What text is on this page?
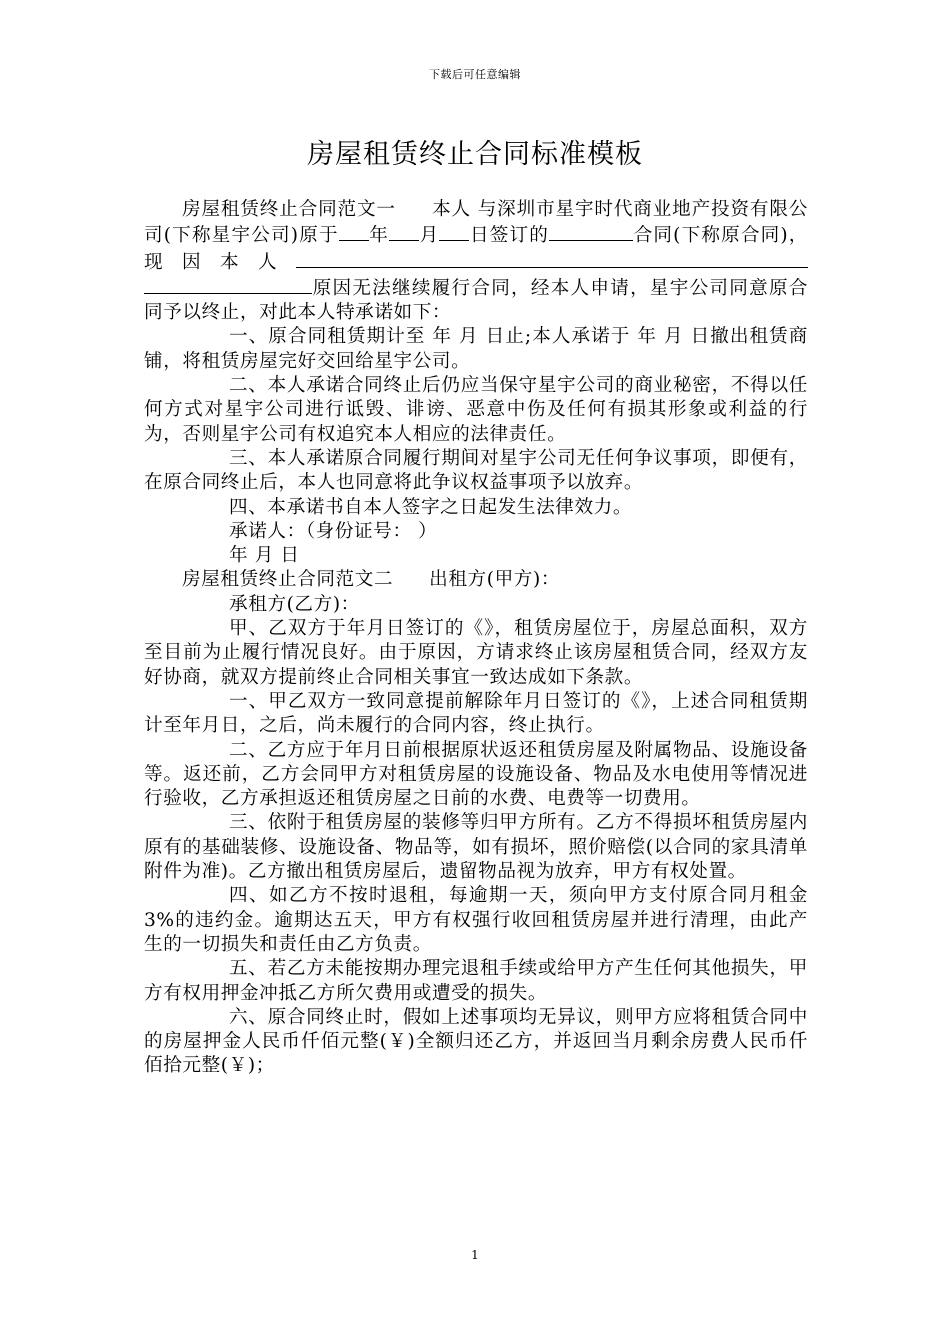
下载后可任意编辑
房屋租赁终止合同标准模板

房屋租赁终止合同范文一 本人 与深圳市星宇时代商业地产投资有限公司(下称星宇公司)原于 年 月 日签订的	合同(下称原合同)，现因本人原因无法继续履行合同，经本人申请，星宇公司同意原合同予以终止，对此本人特承诺如下：

一、原合同租赁期计至 年 月 日止;本人承诺于 年 月 日撤出租赁商铺，将租赁房屋完好交回给星宇公司。

二、本人承诺合同终止后仍应当保守星宇公司的商业秘密，不得以任何方式对星宇公司进行诋毁、诽谤、恶意中伤及任何有损其形象或利益的行为，否则星宇公司有权追究本人相应的法律责任。

三、本人承诺原合同履行期间对星宇公司无任何争议事项，即便有，在原合同终止后，本人也同意将此争议权益事项予以放弃。

四、本承诺书自本人签字之日起发生法律效力。

承诺人：（身份证号： ）

年 月 日

房屋租赁终止合同范文二 出租方(甲方)：

承租方(乙方)：

甲、乙双方于年月日签订的《》，租赁房屋位于，房屋总面积，双方至目前为止履行情况良好。由于原因，方请求终止该房屋租赁合同，经双方友好协商，就双方提前终止合同相关事宜一致达成如下条款。

一、甲乙双方一致同意提前解除年月日签订的《》，上述合同租赁期计至年月日，之后，尚未履行的合同内容，终止执行。

二、乙方应于年月日前根据原状返还租赁房屋及附属物品、设施设备等。返还前，乙方会同甲方对租赁房屋的设施设备、物品及水电使用等情况进行验收，乙方承担返还租赁房屋之日前的水费、电费等一切费用。

三、依附于租赁房屋的装修等归甲方所有。乙方不得损坏租赁房屋内原有的基础装修、设施设备、物品等，如有损坏，照价赔偿(以合同的家具清单附件为准)。乙方撤出租赁房屋后，遗留物品视为放弃，甲方有权处置。

四、如乙方不按时退租，每逾期一天，须向甲方支付原合同月租金 3%的违约金。逾期达五天，甲方有权强行收回租赁房屋并进行清理，由此产生的一切损失和责任由乙方负责。

五、若乙方未能按期办理完退租手续或给甲方产生任何其他损失，甲方有权用押金冲抵乙方所欠费用或遭受的损失。

六、原合同终止时，假如上述事项均无异议，则甲方应将租赁合同中的房屋押金人民币仟佰元整(￥)全额归还乙方，并返回当月剩余房费人民币仟佰拾元整(￥)；

1
